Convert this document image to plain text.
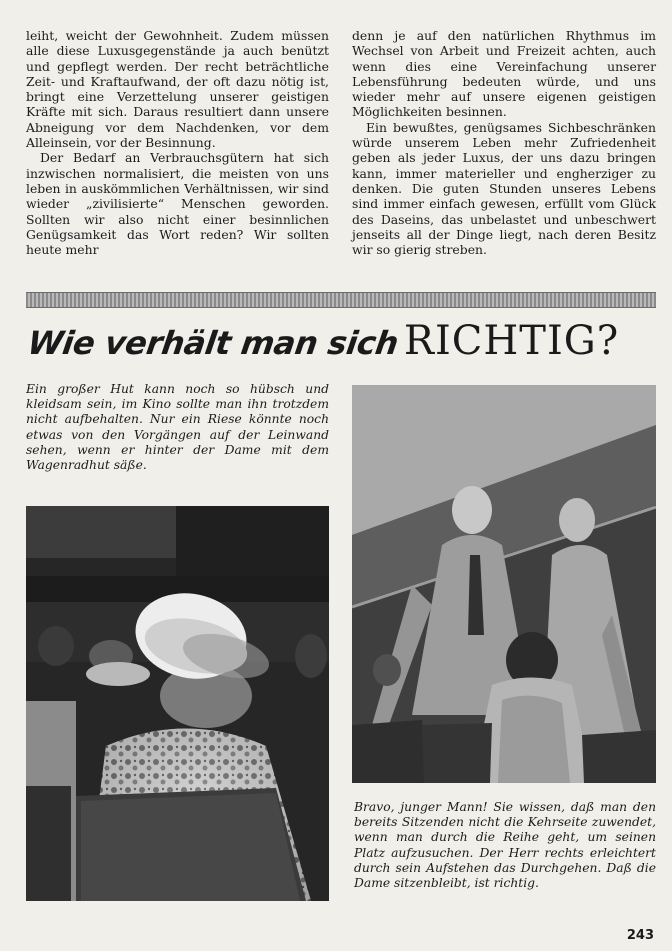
leiht, weicht der Gewohnheit. Zudem müssen alle diese Luxusgegenstände ja auch benützt und gepflegt werden. Der recht beträchtliche Zeit- und Kraftaufwand, der oft dazu nötig ist, bringt eine Verzettelung unserer geistigen Kräfte mit sich. Daraus resultiert dann unsere Abneigung vor dem Nachdenken, vor dem Alleinsein, vor der Besinnung.

Der Bedarf an Verbrauchsgütern hat sich inzwischen normalisiert, die meisten von uns leben in auskömmlichen Verhältnissen, wir sind wieder „zivilisierte“ Menschen geworden. Sollten wir also nicht einer besinnlichen Genügsamkeit das Wort reden? Wir sollten heute mehr

denn je auf den natürlichen Rhythmus im Wechsel von Arbeit und Freizeit achten, auch wenn dies eine Vereinfachung unserer Lebensführung bedeuten würde, und uns wieder mehr auf unsere eigenen geistigen Möglichkeiten besinnen.

Ein bewußtes, genügsames Sichbeschränken würde unserem Leben mehr Zufriedenheit geben als jeder Luxus, der uns dazu bringen kann, immer materieller und engherziger zu denken. Die guten Stunden unseres Lebens sind immer einfach gewesen, erfüllt vom Glück des Daseins, das unbelastet und unbeschwert jenseits all der Dinge liegt, nach deren Besitz wir so gierig streben.

Wie verhält man sichRICHTIG?
Ein großer Hut kann noch so hübsch und kleidsam sein, im Kino sollte man ihn trotzdem nicht aufbehalten. Nur ein Riese könnte noch etwas von den Vorgängen auf der Leinwand sehen, wenn er hinter der Dame mit dem Wagenradhut säße.
Bravo, junger Mann! Sie wissen, daß man den bereits Sitzenden nicht die Kehrseite zuwendet, wenn man durch die Reihe geht, um seinen Platz aufzusuchen. Der Herr rechts erleichtert durch sein Aufstehen das Durchgehen. Daß die Dame sitzenbleibt, ist richtig.
243
